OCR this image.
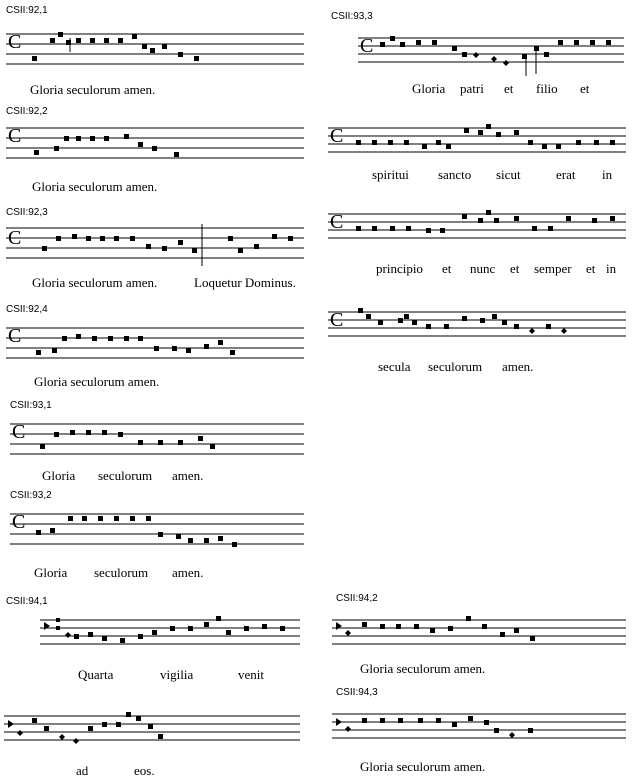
CSII:92,1
C
Gloria seculorum amen.
CSII:92,2
C
Gloria seculorum amen.
CSII:92,3
C
Gloria seculorum amen.	Loquetur Dominus.
CSII:92,4
C
Gloria seculorum amen.
CSII:93,1
C
Gloria seculorum amen.
CSII:93,2
C
Gloria seculorum amen.
CSII:94,1
Quarta	vigilia	venit
ad	eos.
CSII:93,3
C
Gloria patri et filio et
C
spiritui sancto sicut	erat in
C
principio et nunc et semper et in
C
secula seculorum amen.
CSII:94,2
Gloria seculorum amen.
CSII:94,3
Gloria seculorum amen.
